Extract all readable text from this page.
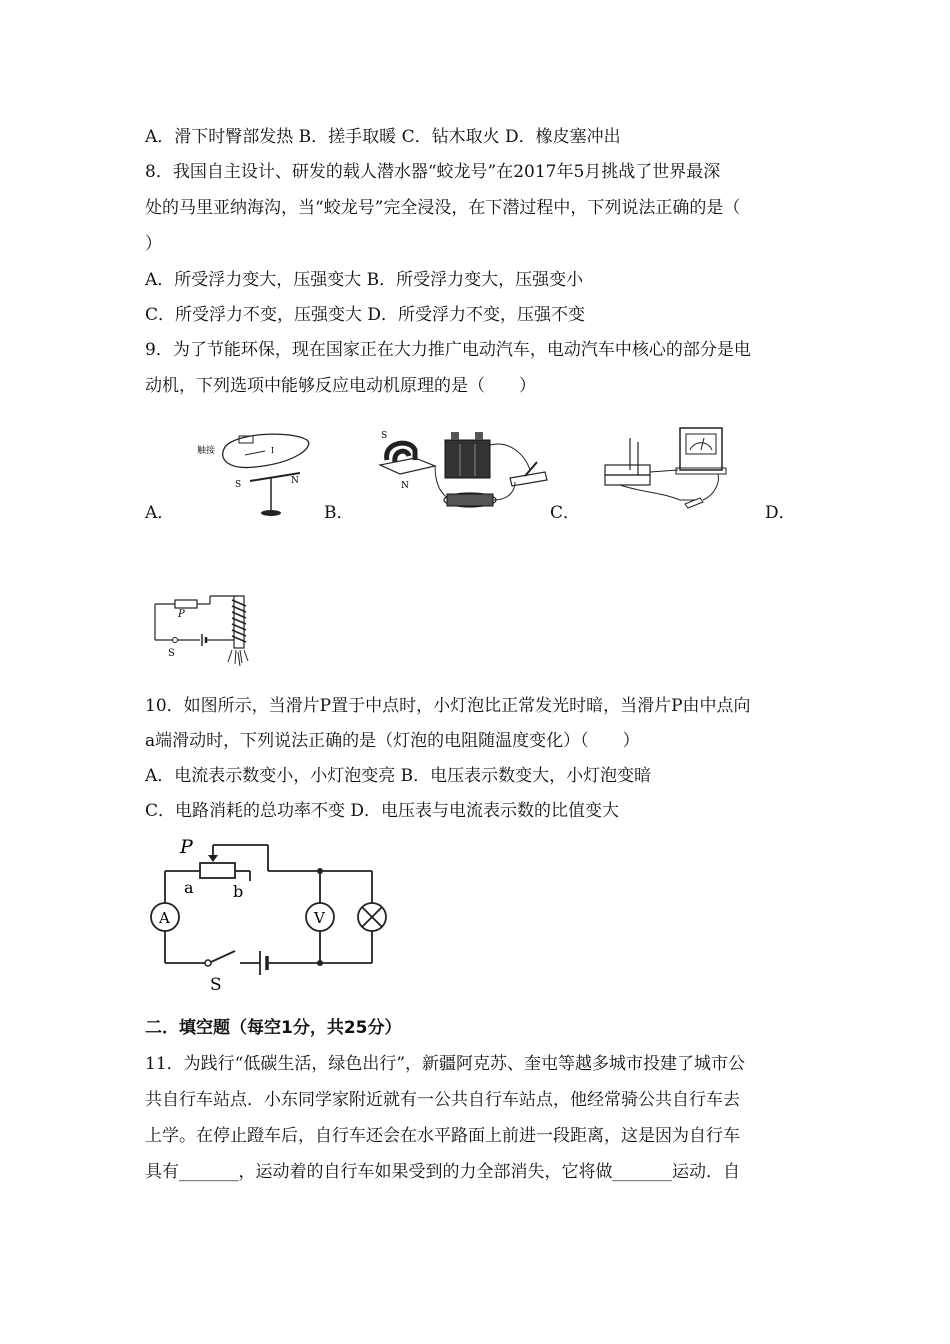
A．滑下时臀部发热 B．搓手取暖 C．钻木取火 D．橡皮塞冲出
8．我国自主设计、研发的载人潜水器“蛟龙号”在2017年5月挑战了世界最深
处的马里亚纳海沟，当“蛟龙号”完全浸没，在下潜过程中，下列说法正确的是（
）
A．所受浮力变大，压强变大 B．所受浮力变大，压强变小
C．所受浮力不变，压强变大 D．所受浮力不变，压强不变
9．为了节能环保，现在国家正在大力推广电动汽车，电动汽车中核心的部分是电
动机，下列选项中能够反应电动机原理的是（　　）
触接	I
S	N
A．
S
N
B．	C．	D．
P
S
10．如图所示，当滑片P置于中点时，小灯泡比正常发光时暗，当滑片P由中点向
a端滑动时，下列说法正确的是（灯泡的电阻随温度变化）（　　）
A．电流表示数变小，小灯泡变亮 B．电压表示数变大，小灯泡变暗
C．电路消耗的总功率不变 D．电压表与电流表示数的比值变大
A	V
P
a b
S
二．填空题（每空1分，共25分）
11．为践行“低碳生活，绿色出行”，新疆阿克苏、奎屯等越多城市投建了城市公
共自行车站点．小东同学家附近就有一公共自行车站点，他经常骑公共自行车去
上学。在停止蹬车后，自行车还会在水平路面上前进一段距离，这是因为自行车
具有_______，运动着的自行车如果受到的力全部消失，它将做_______运动．自
